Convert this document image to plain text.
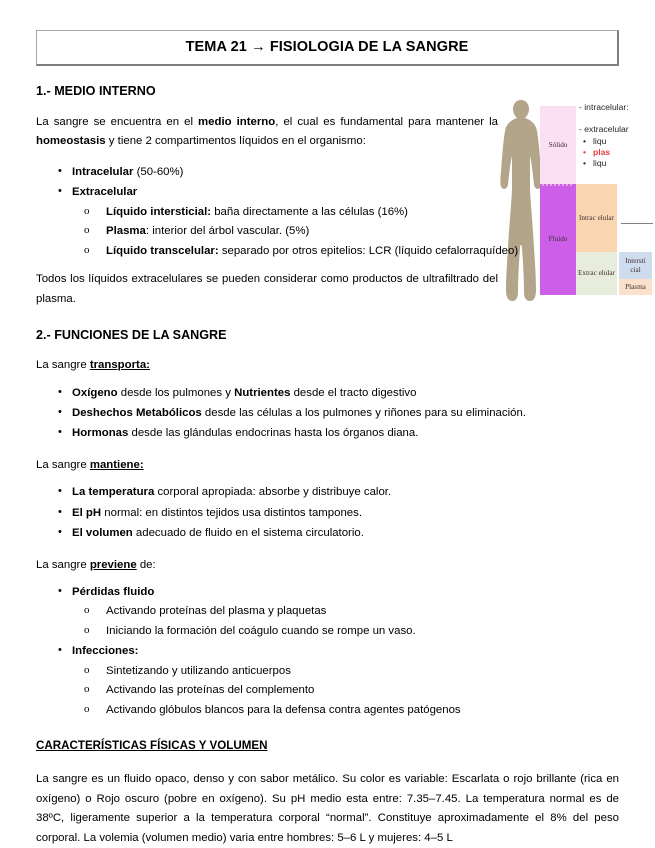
Sólido
Fluido
Intrac elular
Extrac elular
Intersti cial
Plasma
- intracelular:
- extracelular
• liqu
• plas
• liqu
TEMA 21 → FISIOLOGIA DE LA SANGRE
1.- MEDIO INTERNO

La sangre se encuentra en el medio interno, el cual es fundamental para mantener la homeostasis y tiene 2 compartimentos líquidos en el organismo:

• Intracelular (50-60%)
• Extracelular
o Líquido intersticial: baña directamente a las células (16%)
o Plasma: interior del árbol vascular. (5%)
o Líquido transcelular: separado por otros epitelios: LCR (líquido cefalorraquídeo)

Todos los líquidos extracelulares se pueden considerar como productos de ultrafiltrado del plasma.

2.- FUNCIONES DE LA SANGRE

La sangre transporta:

• Oxígeno desde los pulmones y Nutrientes desde el tracto digestivo
• Deshechos Metabólicos desde las células a los pulmones y riñones para su eliminación.
• Hormonas desde las glándulas endocrinas hasta los órganos diana.

La sangre mantiene:

• La temperatura corporal apropiada: absorbe y distribuye calor.
• El pH normal: en distintos tejidos usa distintos tampones.
• El volumen adecuado de fluido en el sistema circulatorio.

La sangre previene de:

• Pérdidas fluido
o Activando proteínas del plasma y plaquetas
o Iniciando la formación del coágulo cuando se rompe un vaso.
• Infecciones:
o Sintetizando y utilizando anticuerpos
o Activando las proteínas del complemento
o Activando glóbulos blancos para la defensa contra agentes patógenos
CARACTERÍSTICAS FÍSICAS Y VOLUMEN

La sangre es un fluido opaco, denso y con sabor metálico. Su color es variable: Escarlata o rojo brillante (rica en oxígeno) o Rojo oscuro (pobre en oxígeno). Su pH medio esta entre: 7.35–7.45. La temperatura normal es de 38ºC, ligeramente superior a la temperatura corporal “normal”. Constituye aproximadamente el 8% del peso corporal. La volemia (volumen medio) varia entre hombres: 5–6 L y mujeres: 4–5 L
